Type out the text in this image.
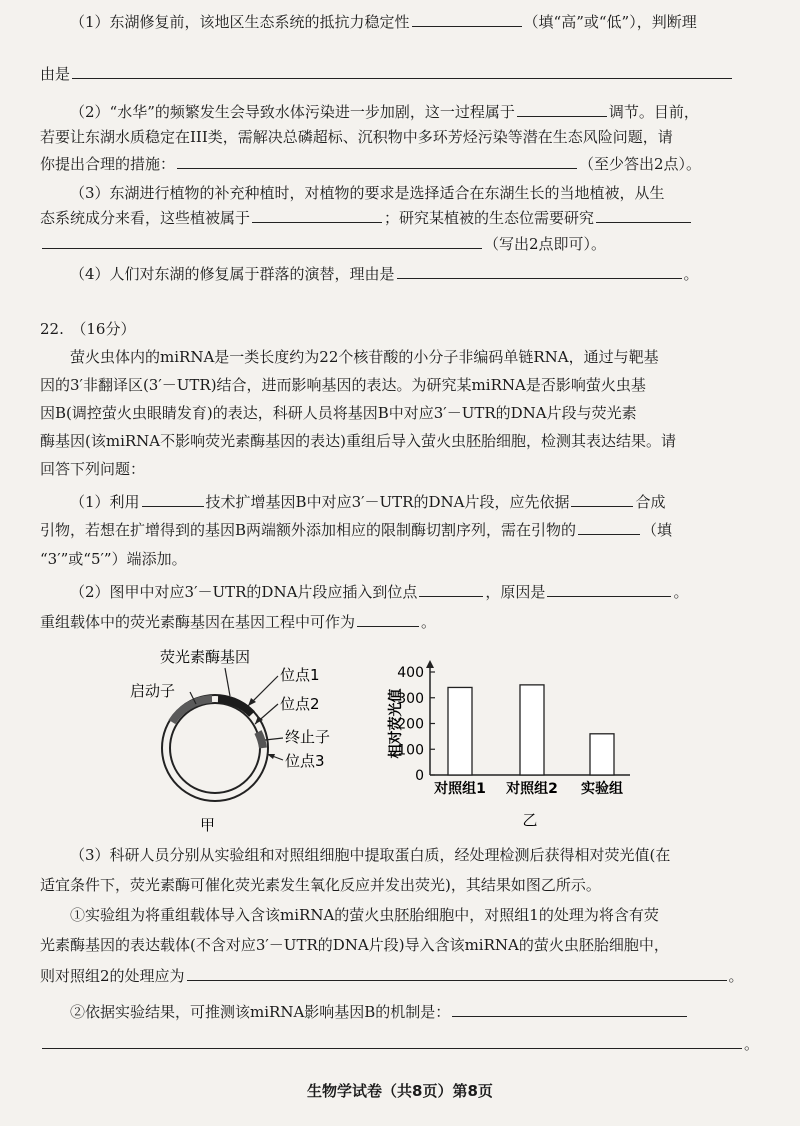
（1）东湖修复前，该地区生态系统的抵抗力稳定性	（填“高”或“低”），判断理
由是
（2）“水华”的频繁发生会导致水体污染进一步加剧，这一过程属于	调节。目前，
若要让东湖水质稳定在III类，需解决总磷超标、沉积物中多环芳烃污染等潜在生态风险问题，请
你提出合理的措施：	（至少答出2点）。
（3）东湖进行植物的补充种植时，对植物的要求是选择适合在东湖生长的当地植被，从生
态系统成分来看，这些植被属于	；研究某植被的生态位需要研究
（写出2点即可）。
（4）人们对东湖的修复属于群落的演替，理由是	。
22.　（16分）
萤火虫体内的miRNA是一类长度约为22个核苷酸的小分子非编码单链RNA，通过与靶基
因的3′非翻译区(3′－UTR)结合，进而影响基因的表达。为研究某miRNA是否影响萤火虫基
因B(调控萤火虫眼睛发育)的表达，科研人员将基因B中对应3′－UTR的DNA片段与荧光素
酶基因(该miRNA不影响荧光素酶基因的表达)重组后导入萤火虫胚胎细胞，检测其表达结果。请
回答下列问题：
（1）利用	技术扩增基因B中对应3′－UTR的DNA片段，应先依据	合成
引物，若想在扩增得到的基因B两端额外添加相应的限制酶切割序列，需在引物的	（填
“3′”或“5′”）端添加。
（2）图甲中对应3′－UTR的DNA片段应插入到位点	，原因是	。
重组载体中的荧光素酶基因在基因工程中可作为	。
荧光素酶基因
启动子
位点1
位点2
终止子
位点3
甲
0
100
200
300
400
相对荧光值
对照组1 对照组2 实验组
乙
（3）科研人员分别从实验组和对照组细胞中提取蛋白质，经处理检测后获得相对荧光值(在
适宜条件下，荧光素酶可催化荧光素发生氧化反应并发出荧光)，其结果如图乙所示。
①实验组为将重组载体导入含该miRNA的萤火虫胚胎细胞中，对照组1的处理为将含有荧
光素酶基因的表达载体(不含对应3′－UTR的DNA片段)导入含该miRNA的萤火虫胚胎细胞中，
则对照组2的处理应为	。
②依据实验结果，可推测该miRNA影响基因B的机制是：
。
生物学试卷（共8页）第8页
